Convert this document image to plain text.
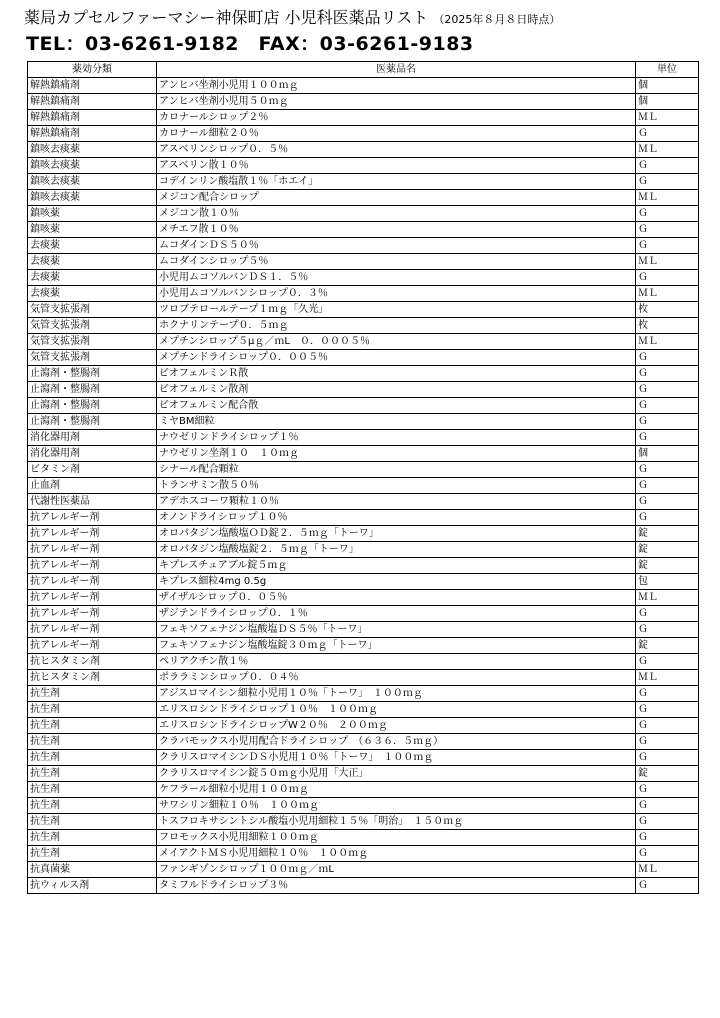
薬局カプセルファーマシー神保町店 小児科医薬品リスト （2025年８月８日時点）
TEL：03-6261-9182　FAX：03-6261-9183
薬効分類	医薬品名	単位
解熱鎮痛剤	アンヒバ坐剤小児用１００ｍｇ	個
解熱鎮痛剤	アンヒバ坐剤小児用５０ｍｇ	個
解熱鎮痛剤	カロナールシロップ２％	ＭＬ
解熱鎮痛剤	カロナール細粒２０％	Ｇ
鎮咳去痰薬	アスベリンシロップ０．５％	ＭＬ
鎮咳去痰薬	アスベリン散１０％	Ｇ
鎮咳去痰薬	コデインリン酸塩散１％「ホエイ」	Ｇ
鎮咳去痰薬	メジコン配合シロップ	ＭＬ
鎮咳薬	メジコン散１０％	Ｇ
鎮咳薬	メチエフ散１０％	Ｇ
去痰薬	ムコダインＤＳ５０％	Ｇ
去痰薬	ムコダインシロップ５％	ＭＬ
去痰薬	小児用ムコソルバンＤＳ１．５％	Ｇ
去痰薬	小児用ムコソルバンシロップ０．３％	ＭＬ
気管支拡張剤	ツロブテロールテープ１ｍｇ「久光」	枚
気管支拡張剤	ホクナリンテープ０．５ｍｇ	枚
気管支拡張剤	メプチンシロップ５μｇ／ｍL　０．０００５％	ＭＬ
気管支拡張剤	メプチンドライシロップ０．００５％	Ｇ
止瀉剤・整腸剤	ビオフェルミンＲ散	Ｇ
止瀉剤・整腸剤	ビオフェルミン散剤	Ｇ
止瀉剤・整腸剤	ビオフェルミン配合散	Ｇ
止瀉剤・整腸剤	ミヤBM細粒	Ｇ
消化器用剤	ナウゼリンドライシロップ１％	Ｇ
消化器用剤	ナウゼリン坐剤１０　１０ｍｇ	個
ビタミン剤	シナール配合顆粒	Ｇ
止血剤	トランサミン散５０％	Ｇ
代謝性医薬品	アデホスコーワ顆粒１０％	Ｇ
抗アレルギー剤	オノンドライシロップ１０％	Ｇ
抗アレルギー剤	オロパタジン塩酸塩ＯＤ錠２．５ｍｇ「トーワ」	錠
抗アレルギー剤	オロパタジン塩酸塩錠２．５ｍｇ「トーワ」	錠
抗アレルギー剤	キプレスチュアブル錠５ｍｇ	錠
抗アレルギー剤	キプレス細粒4mg 0.5g	包
抗アレルギー剤	ザイザルシロップ０．０５％	ＭＬ
抗アレルギー剤	ザジテンドライシロップ０．１％	Ｇ
抗アレルギー剤	フェキソフェナジン塩酸塩ＤＳ５％「トーワ」	Ｇ
抗アレルギー剤	フェキソフェナジン塩酸塩錠３０ｍｇ「トーワ」	錠
抗ヒスタミン剤	ペリアクチン散１％	Ｇ
抗ヒスタミン剤	ポララミンシロップ０．０４％	ＭＬ
抗生剤	アジスロマイシン細粒小児用１０％「トーワ」　１００ｍｇ	Ｇ
抗生剤	エリスロシンドライシロップ１０％　１００ｍｇ	Ｇ
抗生剤	エリスロシンドライシロップW２０％　２００ｍｇ	Ｇ
抗生剤	クラバモックス小児用配合ドライシロップ　（６３６．５ｍｇ）	Ｇ
抗生剤	クラリスロマイシンＤＳ小児用１０％「トーワ」　１００ｍｇ	Ｇ
抗生剤	クラリスロマイシン錠５０ｍｇ小児用「大正」	錠
抗生剤	ケフラール細粒小児用１００ｍｇ	Ｇ
抗生剤	サワシリン細粒１０％　１００ｍｇ	Ｇ
抗生剤	トスフロキサシントシル酸塩小児用細粒１５％「明治」　１５０ｍｇ	Ｇ
抗生剤	フロモックス小児用細粒１００ｍｇ	Ｇ
抗生剤	メイアクトＭＳ小児用細粒１０％　１００ｍｇ	Ｇ
抗真菌薬	ファンギゾンシロップ１００ｍｇ／ｍL	ＭＬ
抗ウィルス剤	タミフルドライシロップ３％	Ｇ
